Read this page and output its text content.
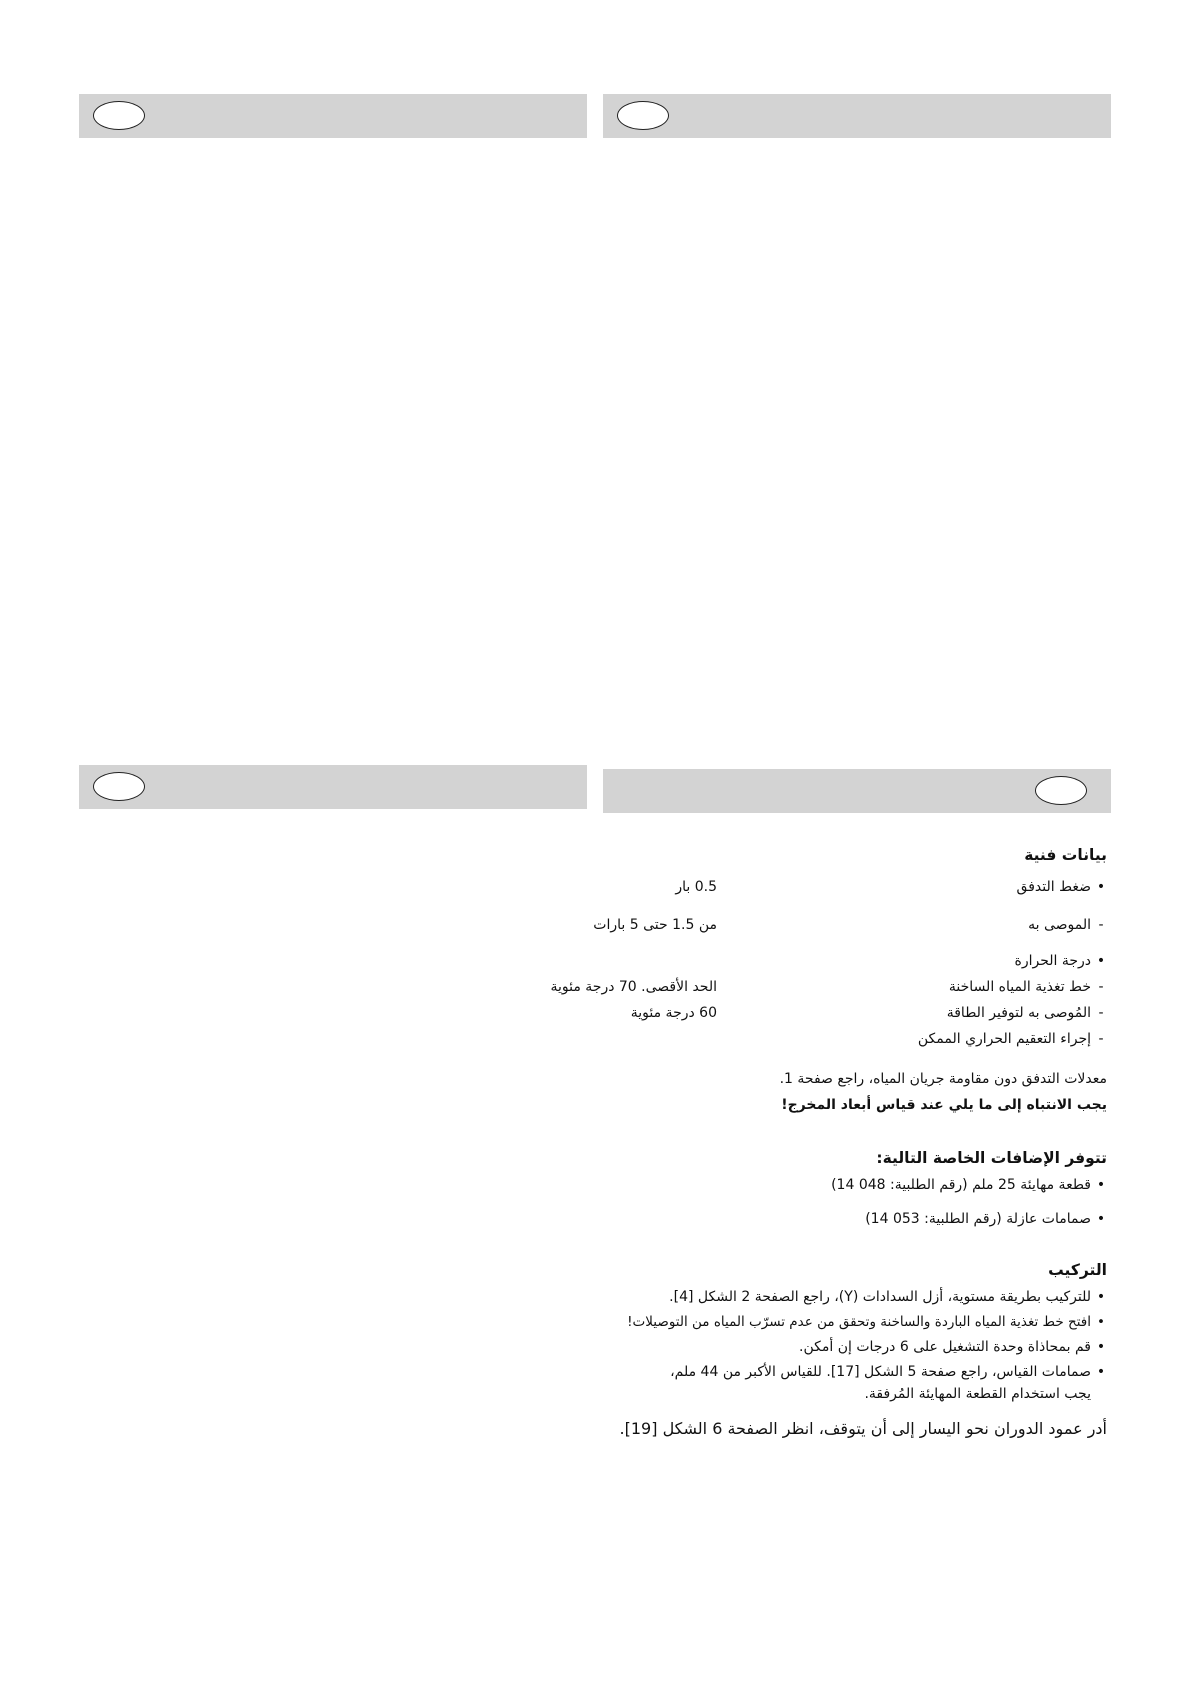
بيانات فنية
•
ضغط التدفق
0.5 بار
-
الموصى به
من 1.5 حتى 5 بارات
•
درجة الحرارة
-
خط تغذية المياه الساخنة
الحد الأقصى. 70 درجة مئوية
-
المُوصى به لتوفير الطاقة
60 درجة مئوية
-
إجراء التعقيم الحراري الممكن
معدلات التدفق دون مقاومة جريان المياه، راجع صفحة 1.
يجب الانتباه إلى ما يلي عند قياس أبعاد المخرج!
تتوفر الإضافات الخاصة التالية:
•
قطعة مهايئة 25 ملم (رقم الطلبية: 048 14)
•
صمامات عازلة (رقم الطلبية: 053 14)
التركيب
•
للتركيب بطريقة مستوية، أزل السدادات (Y)، راجع الصفحة 2 الشكل [4].
•
افتح خط تغذية المياه الباردة والساخنة وتحقق من عدم تسرّب المياه من التوصيلات!
•
قم بمحاذاة وحدة التشغيل على 6 درجات إن أمكن.
•
صمامات القياس، راجع صفحة 5 الشكل [17]. للقياس الأكبر من 44 ملم، يجب استخدام القطعة المهايئة المُرفقة.
أدر عمود الدوران نحو اليسار إلى أن يتوقف، انظر الصفحة 6 الشكل [19].
